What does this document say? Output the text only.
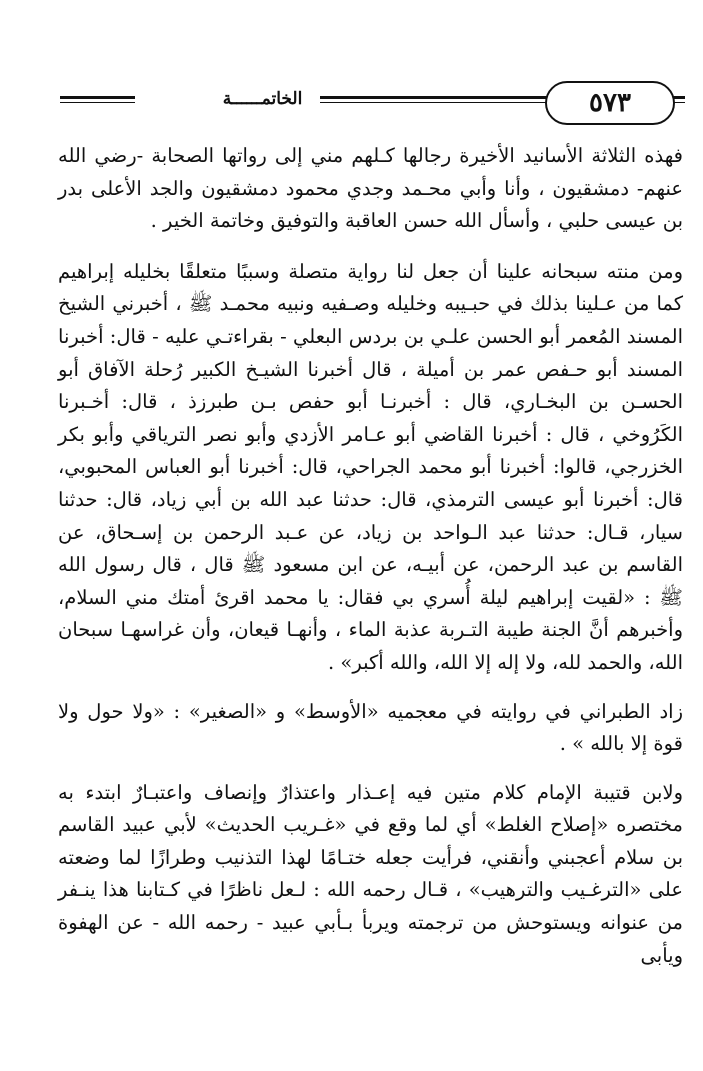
٥٧٣
الخاتمــــــة

فهذه الثلاثة الأسانيد الأخيرة رجالها كـلهم مني إلى رواتها الصحابة -رضي الله عنهم- دمشقيون ، وأنا وأبي محـمد وجدي محمود دمشقيون والجد الأعلى بدر بن عيسى حلبي ، وأسأل الله حسن العاقبة والتوفيق وخاتمة الخير .

ومن منته سبحانه علينا أن جعل لنا رواية متصلة وسببًا متعلقًا بخليله إبراهيم كما من عـلينا بذلك في حبـيبه وخليله وصـفيه ونبيه محمـد ﷺ ، أخبرني الشيخ المسند المُعمر أبو الحسن علـي بن بردس البعلي - بقراءتـي عليه - قال: أخبرنا المسند أبو حـفص عمر بن أميلة ، قال أخبرنا الشيـخ الكبير رُحلة الآفاق أبو الحسـن بن البخـاري، قال : أخبرنـا أبو حفص بـن طبرزذ ، قال: أخـبرنا الكَرُوخي ، قال : أخبرنا القاضي أبو عـامر الأزدي وأبو نصر الترياقي وأبو بكر الخزرجي، قالوا: أخبرنا أبو محمد الجراحي، قال: أخبرنا أبو العباس المحبوبي، قال: أخبرنا أبو عيسى الترمذي، قال: حدثنا عبد الله بن أبي زياد، قال: حدثنا سيار، قـال: حدثنا عبد الـواحد بن زياد، عن عـبد الرحمن بن إسـحاق، عن القاسم بن عبد الرحمن، عن أبيـه، عن ابن مسعود ﷺ قال ، قال رسول الله ﷺ : «لقيت إبراهيم ليلة أُسري بي فقال: يا محمد اقرئ أمتك مني السلام، وأخبرهم أنَّ الجنة طيبة التـربة عذبة الماء ، وأنهـا قيعان، وأن غراسهـا سبحان الله، والحمد لله، ولا إله إلا الله، والله أكبر» .

زاد الطبراني في روايته في معجميه «الأوسط» و «الصغير» : «ولا حول ولا قوة إلا بالله » .

ولابن قتيبة الإمام كلام متين فيه إعـذار واعتذارٌ وإنصاف واعتبـارٌ ابتدء به مختصره «إصلاح الغلط» أي لما وقع في «غـريب الحديث» لأبي عبيد القاسم بن سلام أعجبني وأنقني، فرأيت جعله ختـامًا لهذا التذنيب وطرازًا لما وضعته على «الترغـيب والترهيب» ، قـال رحمه الله : لـعل ناظرًا في كـتابنا هذا ينـفر من عنوانه ويستوحش من ترجمته ويربأ بـأبي عبيد - رحمه الله - عن الهفوة ويأبى
